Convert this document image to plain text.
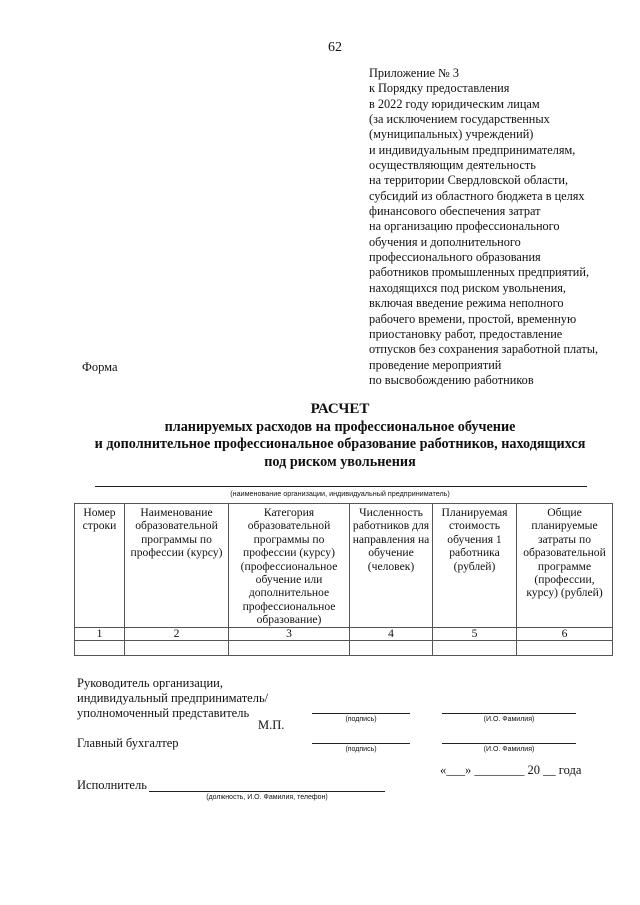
62
Приложение № 3
к Порядку предоставления
в 2022 году юридическим лицам
(за исключением государственных
(муниципальных) учреждений)
и индивидуальным предпринимателям,
осуществляющим деятельность
на территории Свердловской области,
субсидий из областного бюджета в целях
финансового обеспечения затрат
на организацию профессионального
обучения и дополнительного
профессионального образования
работников промышленных предприятий,
находящихся под риском увольнения,
включая введение режима неполного
рабочего времени, простой, временную
приостановку работ, предоставление
отпусков без сохранения заработной платы,
проведение мероприятий
по высвобождению работников
Форма
РАСЧЕТ
планируемых расходов на профессиональное обучение
и дополнительное профессиональное образование работников, находящихся
под риском увольнения
(наименование организации, индивидуальный предприниматель)
Номер строки	Наименование образовательной программы по профессии (курсу)	Категория образовательной программы по профессии (курсу) (профессиональное обучение или дополнительное профессиональное образование)	Численность работников для направления на обучение (человек)	Планируемая стоимость обучения 1 работника (рублей)	Общие планируемые затраты по образовательной программе (профессии, курсу) (рублей)
1	2	3	4	5	6

Руководитель организации,
индивидуальный предприниматель/
уполномоченный представитель
М.П.	(подпись)	(И.О. Фамилия)
Главный бухгалтер	(подпись)	(И.О. Фамилия)
«___» ________ 20 __ года
Исполнитель
(должность, И.О. Фамилия, телефон)
